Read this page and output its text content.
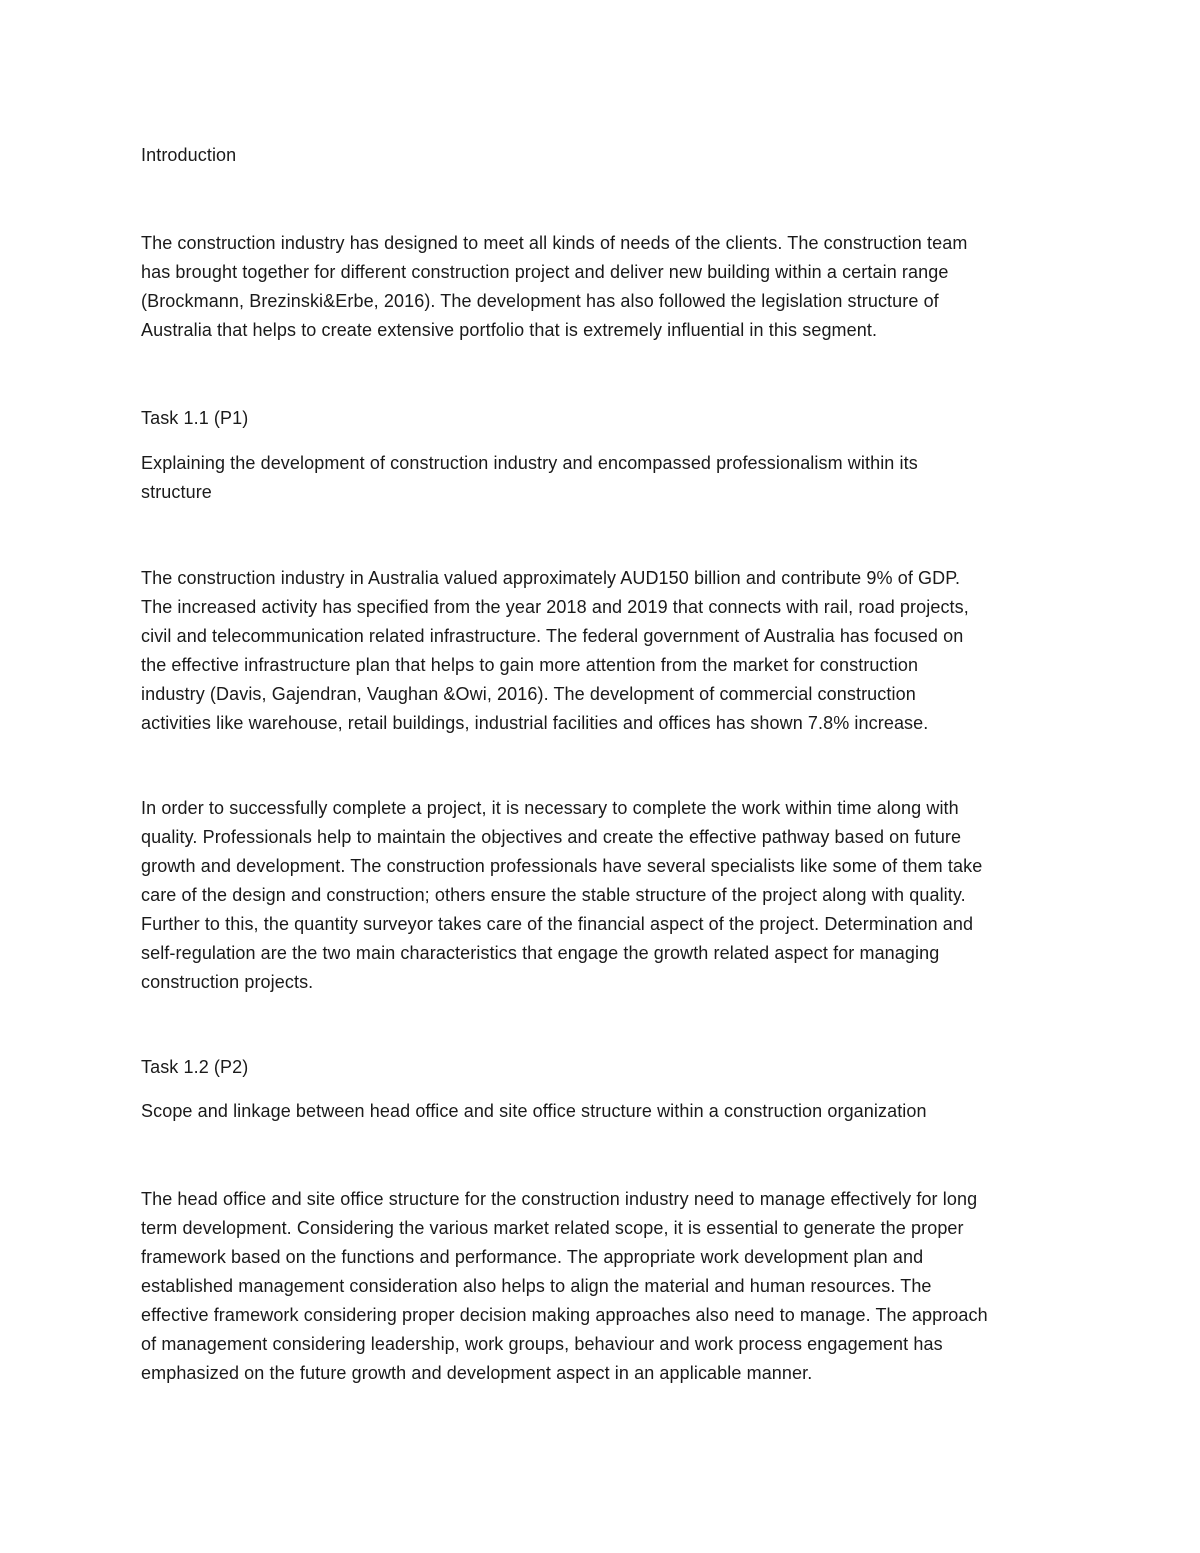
Introduction

The construction industry has designed to meet all kinds of needs of the clients. The construction team
has brought together for different construction project and deliver new building within a certain range
(Brockmann, Brezinski&Erbe, 2016). The development has also followed the legislation structure of
Australia that helps to create extensive portfolio that is extremely influential in this segment.

Task 1.1 (P1)

Explaining the development of construction industry and encompassed professionalism within its
structure

The construction industry in Australia valued approximately AUD150 billion and contribute 9% of GDP.
The increased activity has specified from the year 2018 and 2019 that connects with rail, road projects,
civil and telecommunication related infrastructure. The federal government of Australia has focused on
the effective infrastructure plan that helps to gain more attention from the market for construction
industry (Davis, Gajendran, Vaughan &Owi, 2016). The development of commercial construction
activities like warehouse, retail buildings, industrial facilities and offices has shown 7.8% increase.

In order to successfully complete a project, it is necessary to complete the work within time along with
quality. Professionals help to maintain the objectives and create the effective pathway based on future
growth and development. The construction professionals have several specialists like some of them take
care of the design and construction; others ensure the stable structure of the project along with quality.
Further to this, the quantity surveyor takes care of the financial aspect of the project. Determination and
self-regulation are the two main characteristics that engage the growth related aspect for managing
construction projects.

Task 1.2 (P2)

Scope and linkage between head office and site office structure within a construction organization

The head office and site office structure for the construction industry need to manage effectively for long
term development. Considering the various market related scope, it is essential to generate the proper
framework based on the functions and performance. The appropriate work development plan and
established management consideration also helps to align the material and human resources. The
effective framework considering proper decision making approaches also need to manage. The approach
of management considering leadership, work groups, behaviour and work process engagement has
emphasized on the future growth and development aspect in an applicable manner.
